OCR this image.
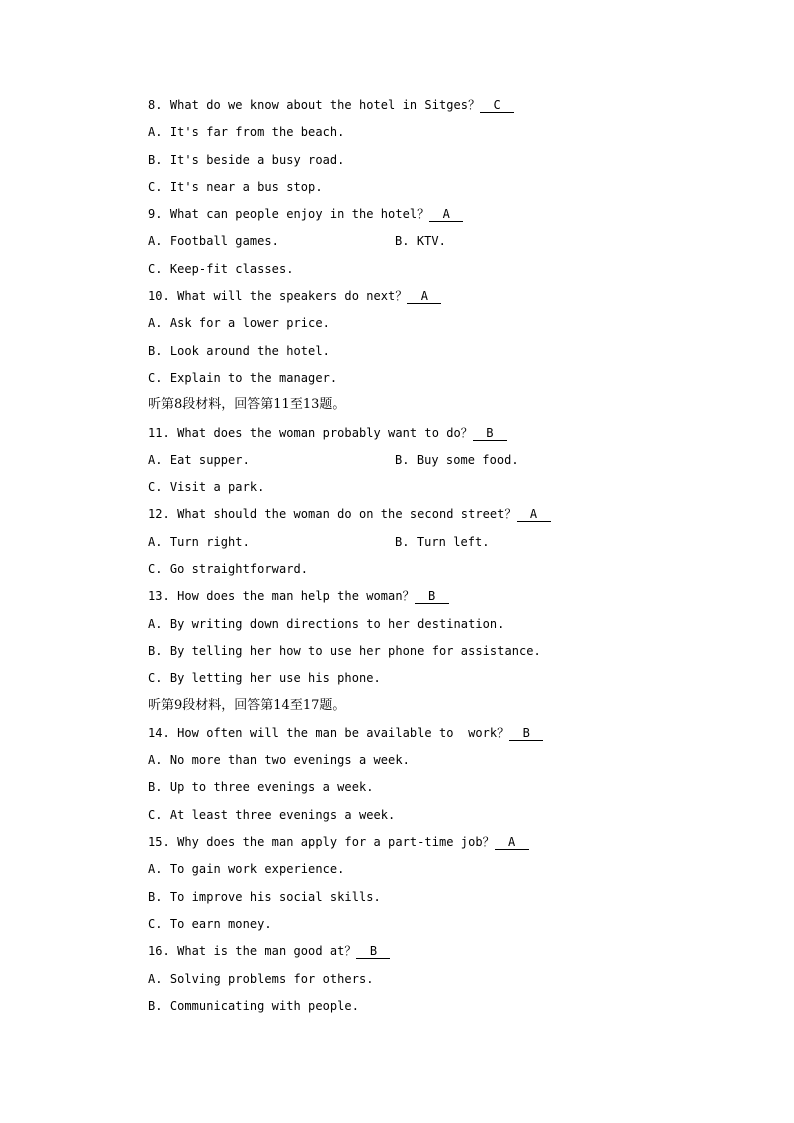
8. What do we know about the hotel in Sitges？ C
A. It's far from the beach.
B. It's beside a busy road.
C. It's near a bus stop.
9. What can people enjoy in the hotel？ A
A. Football games.	B. KTV.
C. Keep-fit classes.
10. What will the speakers do next？ A
A. Ask for a lower price.
B. Look around the hotel.
C. Explain to the manager.
听第8段材料，回答第11至13题。
11. What does the woman probably want to do？ B
A. Eat supper.	B. Buy some food.
C. Visit a park.
12. What should the woman do on the second street？ A
A. Turn right.	B. Turn left.
C. Go straightforward.
13. How does the man help the woman？ B
A. By writing down directions to her destination.
B. By telling her how to use her phone for assistance.
C. By letting her use his phone.
听第9段材料，回答第14至17题。
14. How often will the man be available to  work？ B
A. No more than two evenings a week.
B. Up to three evenings a week.
C. At least three evenings a week.
15. Why does the man apply for a part-time job？ A
A. To gain work experience.
B. To improve his social skills.
C. To earn money.
16. What is the man good at？ B
A. Solving problems for others.
B. Communicating with people.
